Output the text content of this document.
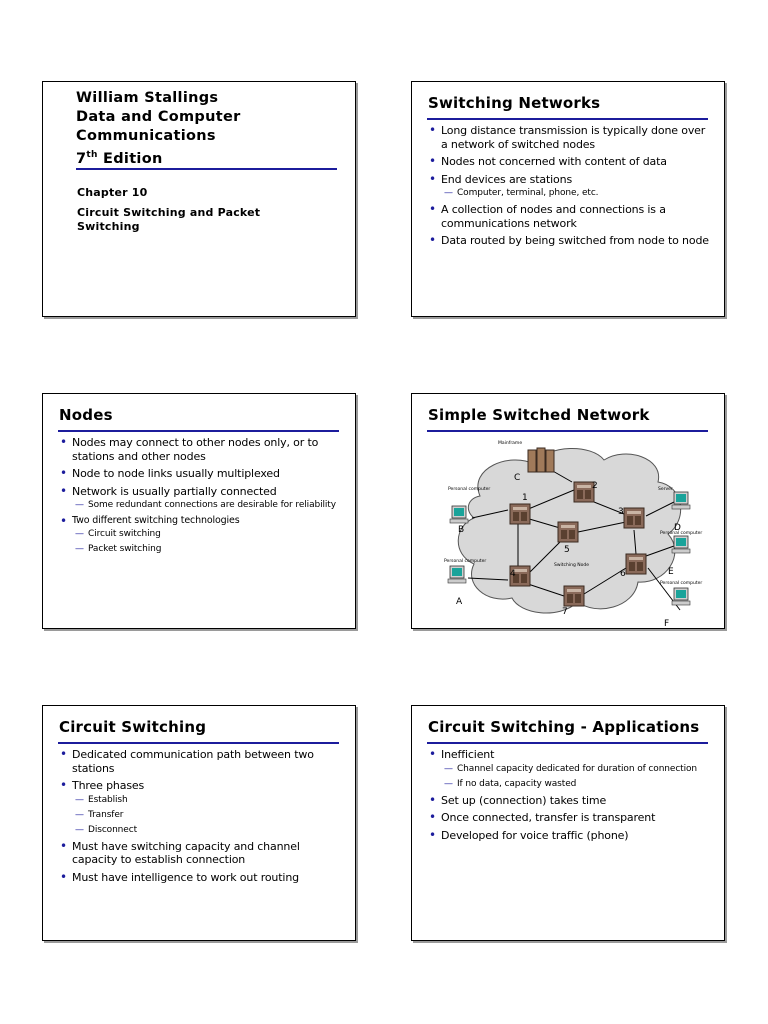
William Stallings
Data and Computer
Communications
7th Edition
Chapter 10
Circuit Switching and Packet Switching
Switching Networks
• Long distance transmission is typically done over a network of switched nodes
• Nodes not concerned with content of data
• End devices are stations
— Computer, terminal, phone, etc.
• A collection of nodes and connections is a communications network
• Data routed by being switched from node to node
Nodes
• Nodes may connect to other nodes only, or to stations and other nodes
• Node to node links usually multiplexed
• Network is usually partially connected
— Some redundant connections are desirable for reliability
• Two different switching technologies
— Circuit switching
— Packet switching
Simple Switched Network
1
2
3
4
5
6
7
B
A
C
D
E
F
Mainframe
Server
Personal computer
Personal computer
Personal computer
Personal computer
Switching Node
Circuit Switching
• Dedicated communication path between two stations
• Three phases
— Establish
— Transfer
— Disconnect
• Must have switching capacity and channel capacity to establish connection
• Must have intelligence to work out routing
Circuit Switching - Applications
• Inefficient
— Channel capacity dedicated for duration of connection
— If no data, capacity wasted
• Set up (connection) takes time
• Once connected, transfer is transparent
• Developed for voice traffic (phone)
